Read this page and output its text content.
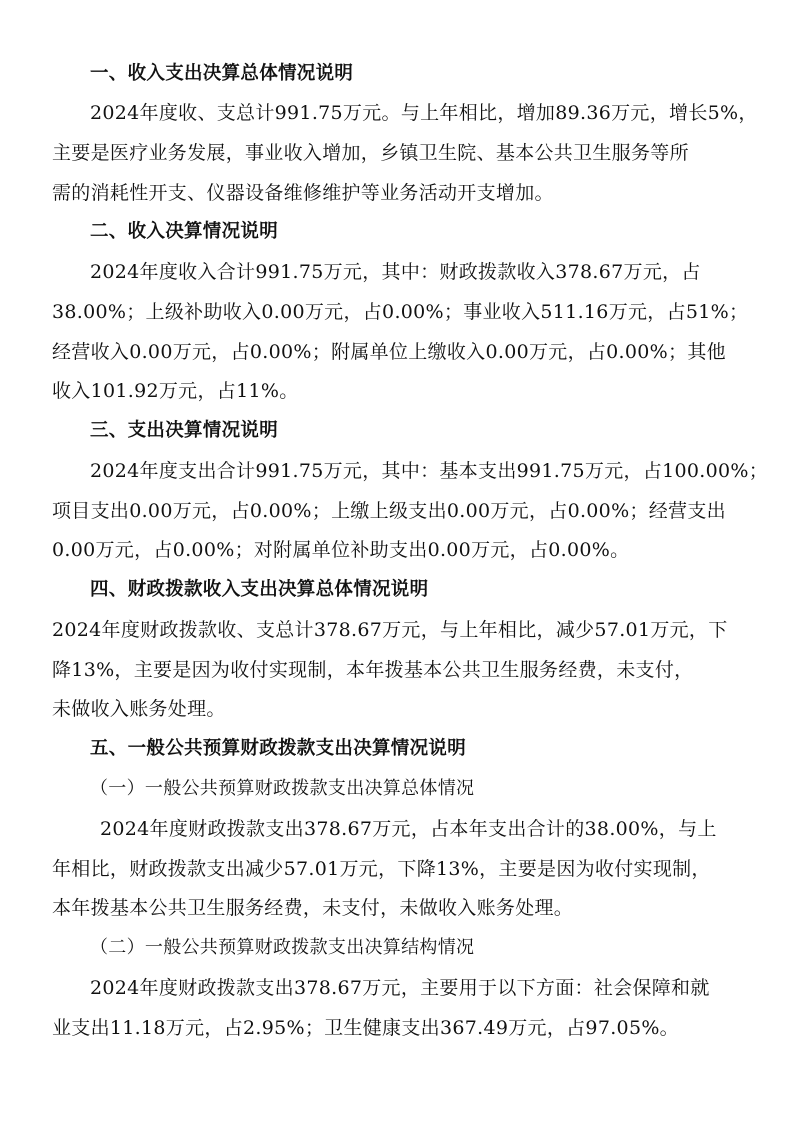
一、收入支出决算总体情况说明
2024年度收、支总计991.75万元。与上年相比，增加89.36万元，增长5%，
主要是医疗业务发展，事业收入增加，乡镇卫生院、基本公共卫生服务等所
需的消耗性开支、仪器设备维修维护等业务活动开支增加。
二、收入决算情况说明
2024年度收入合计991.75万元，其中：财政拨款收入378.67万元，占
38.00%；上级补助收入0.00万元，占0.00%；事业收入511.16万元，占51%；
经营收入0.00万元，占0.00%；附属单位上缴收入0.00万元，占0.00%；其他
收入101.92万元，占11%。
三、支出决算情况说明
2024年度支出合计991.75万元，其中：基本支出991.75万元，占100.00%；
项目支出0.00万元，占0.00%；上缴上级支出0.00万元，占0.00%；经营支出
0.00万元，占0.00%；对附属单位补助支出0.00万元，占0.00%。
四、财政拨款收入支出决算总体情况说明
2024年度财政拨款收、支总计378.67万元，与上年相比，减少57.01万元，下
降13%，主要是因为收付实现制，本年拨基本公共卫生服务经费，未支付，
未做收入账务处理。
五、一般公共预算财政拨款支出决算情况说明
（一）一般公共预算财政拨款支出决算总体情况
2024年度财政拨款支出378.67万元，占本年支出合计的38.00%，与上
年相比，财政拨款支出减少57.01万元，下降13%，主要是因为收付实现制，
本年拨基本公共卫生服务经费，未支付，未做收入账务处理。
（二）一般公共预算财政拨款支出决算结构情况
2024年度财政拨款支出378.67万元，主要用于以下方面：社会保障和就
业支出11.18万元，占2.95%；卫生健康支出367.49万元，占97.05%。
